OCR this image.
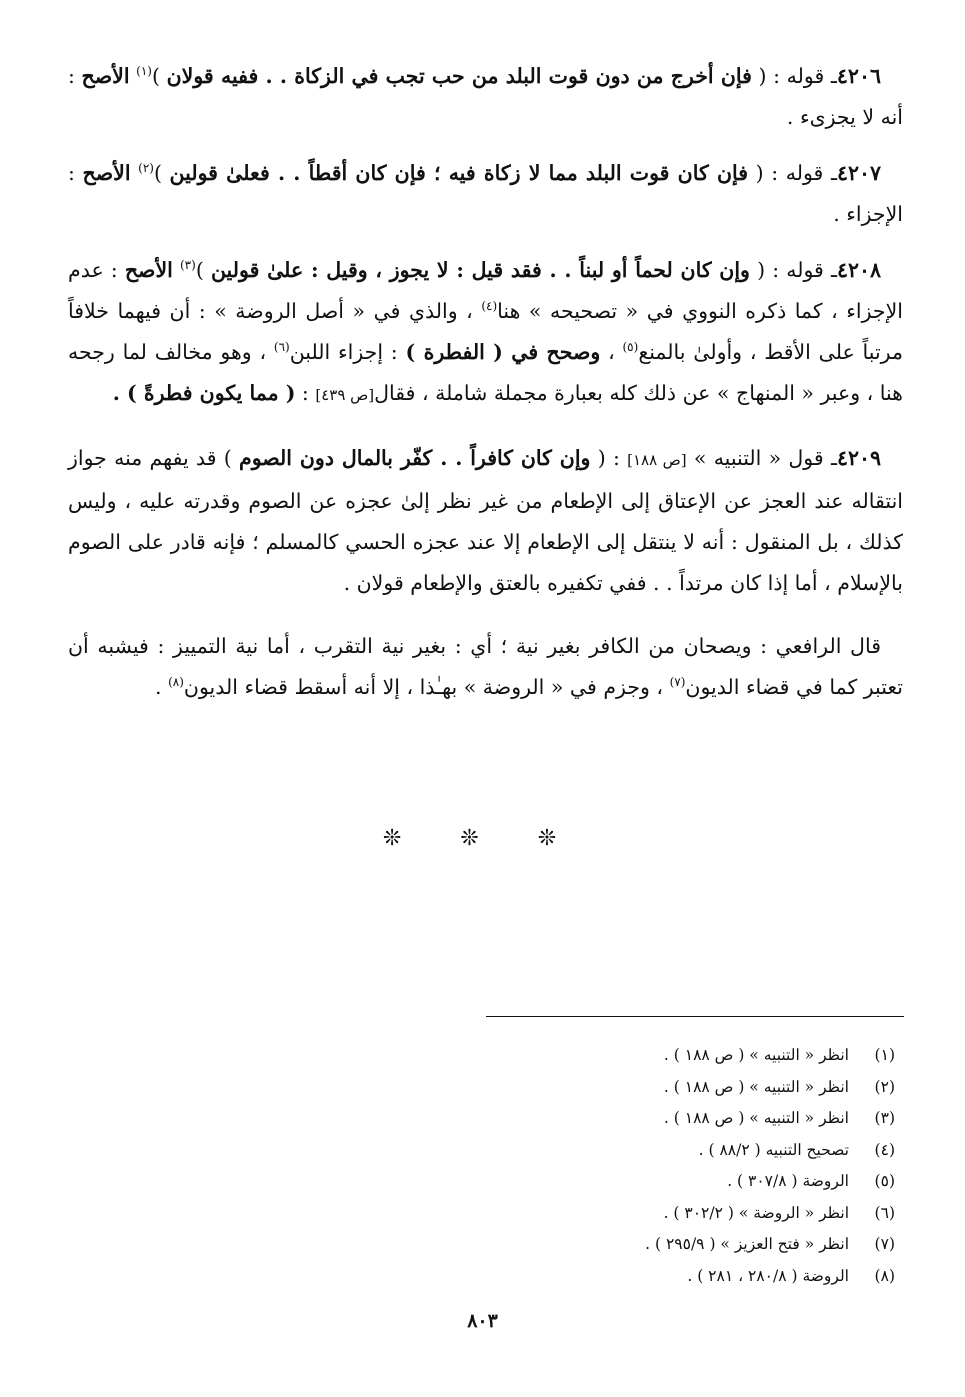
٤٢٠٦ـ قوله : ( فإن أخرج من دون قوت البلد من حب تجب في الزكاة . . ففيه قولان )$^{(١)}$ الأصح : أنه لا يجزىء .

٤٢٠٧ـ قوله : ( فإن كان قوت البلد مما لا زكاة فيه ؛ فإن كان أقطاً . . فعلىٰ قولين )$^{(٢)}$ الأصح : الإجزاء .

٤٢٠٨ـ قوله : ( وإن كان لحماً أو لبناً . . فقد قيل : لا يجوز ، وقيل : علىٰ قولين )$^{(٣)}$ الأصح : عدم الإجزاء ، كما ذكره النووي في « تصحيحه » هنا$^{(٤)}$ ، والذي في « أصل الروضة » : أن فيهما خلافاً مرتباً على الأقط ، وأولىٰ بالمنع$^{(٥)}$ ، وصحح في ( الفطرة ) : إجزاء اللبن$^{(٦)}$ ، وهو مخالف لما رجحه هنا ، وعبر « المنهاج » عن ذلك كله بعبارة مجملة شاملة ، فقال[ص ٤٣٩] : ( مما يكون فطرةً ) .

٤٢٠٩ـ قول « التنبيه » [ص ١٨٨] : ( وإن كان كافراً . . كفّر بالمال دون الصوم ) قد يفهم منه جواز انتقاله عند العجز عن الإعتاق إلى الإطعام من غير نظر إلىٰ عجزه عن الصوم وقدرته عليه ، وليس كذلك ، بل المنقول : أنه لا ينتقل إلى الإطعام إلا عند عجزه الحسي كالمسلم ؛ فإنه قادر على الصوم بالإسلام ، أما إذا كان مرتداً . . ففي تكفيره بالعتق والإطعام قولان .

قال الرافعي : ويصحان من الكافر بغير نية ؛ أي : بغير نية التقرب ، أما نية التمييز : فيشبه أن تعتبر كما في قضاء الديون$^{(٧)}$ ، وجزم في « الروضة » بهـٰذا ، إلا أنه أسقط قضاء الديون$^{(٨)}$ .

❊ ❊ ❊
(١)انظر « التنبيه » ( ص ١٨٨ ) .
(٢)انظر « التنبيه » ( ص ١٨٨ ) .
(٣)انظر « التنبيه » ( ص ١٨٨ ) .
(٤)تصحيح التنبيه ( ٨٨/٢ ) .
(٥)الروضة ( ٣٠٧/٨ ) .
(٦)انظر « الروضة » ( ٣٠٢/٢ ) .
(٧)انظر « فتح العزيز » ( ٢٩٥/٩ ) .
(٨)الروضة ( ٢٨٠/٨ ، ٢٨١ ) .
٨٠٣
